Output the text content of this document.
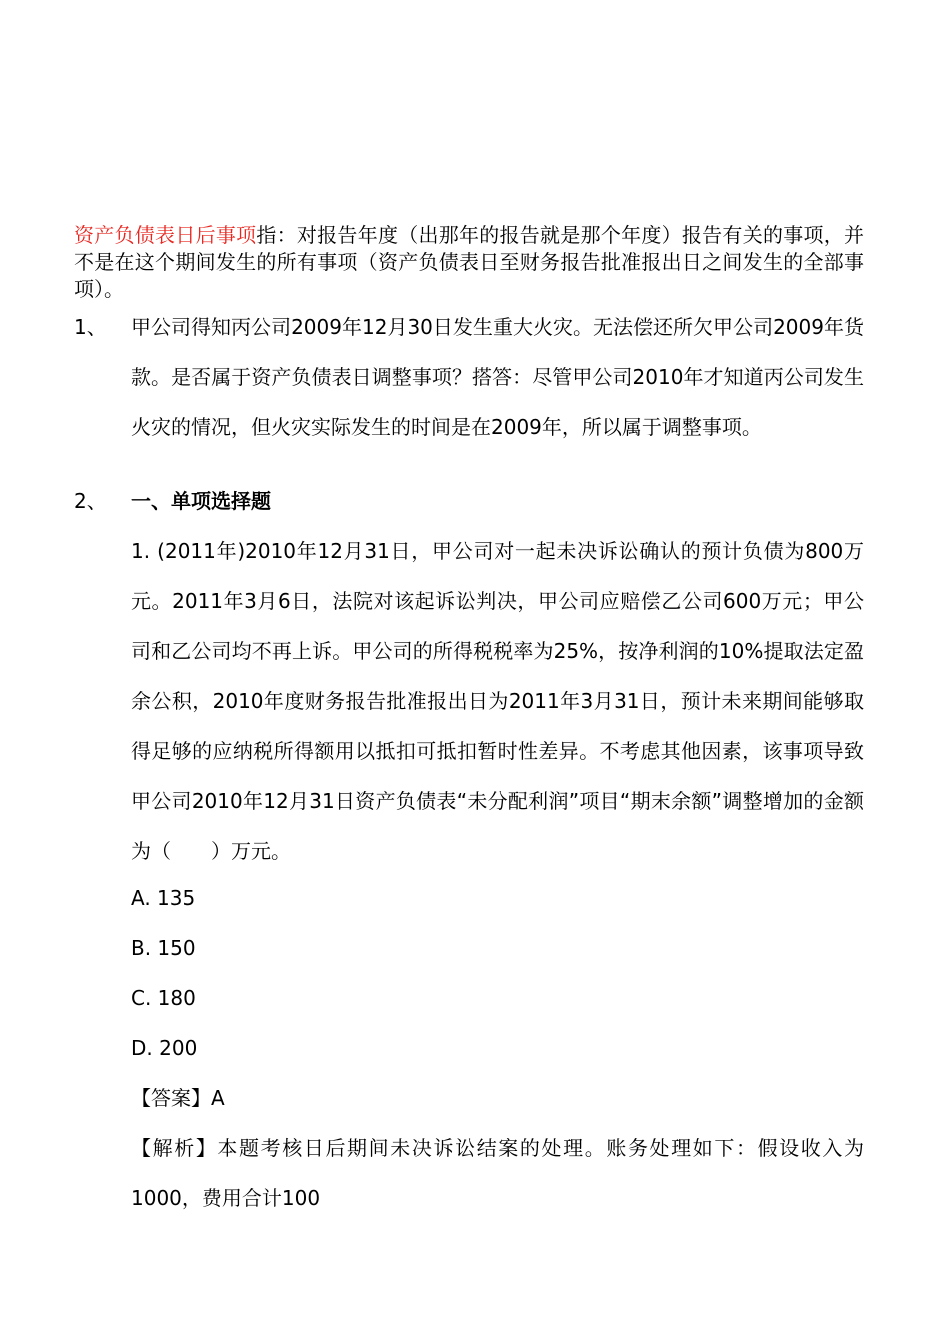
资产负债表日后事项指：对报告年度（出那年的报告就是那个年度）报告有关的事项，并不是在这个期间发生的所有事项（资产负债表日至财务报告批准报出日之间发生的全部事项）。
1、 甲公司得知丙公司2009年12月30日发生重大火灾。无法偿还所欠甲公司2009年货款。是否属于资产负债表日调整事项？搭答：尽管甲公司2010年才知道丙公司发生火灾的情况，但火灾实际发生的时间是在2009年，所以属于调整事项。
2、 一、单项选择题
1. (2011年)2010年12月31日，甲公司对一起未决诉讼确认的预计负债为800万元。2011年3月6日，法院对该起诉讼判决，甲公司应赔偿乙公司600万元；甲公司和乙公司均不再上诉。甲公司的所得税税率为25%，按净利润的10%提取法定盈余公积，2010年度财务报告批准报出日为2011年3月31日，预计未来期间能够取得足够的应纳税所得额用以抵扣可抵扣暂时性差异。不考虑其他因素，该事项导致甲公司2010年12月31日资产负债表“未分配利润”项目“期末余额”调整增加的金额为（　　）万元。
A. 135
B. 150
C. 180
D. 200
【答案】A
【解析】本题考核日后期间未决诉讼结案的处理。账务处理如下：假设收入为1000，费用合计100
